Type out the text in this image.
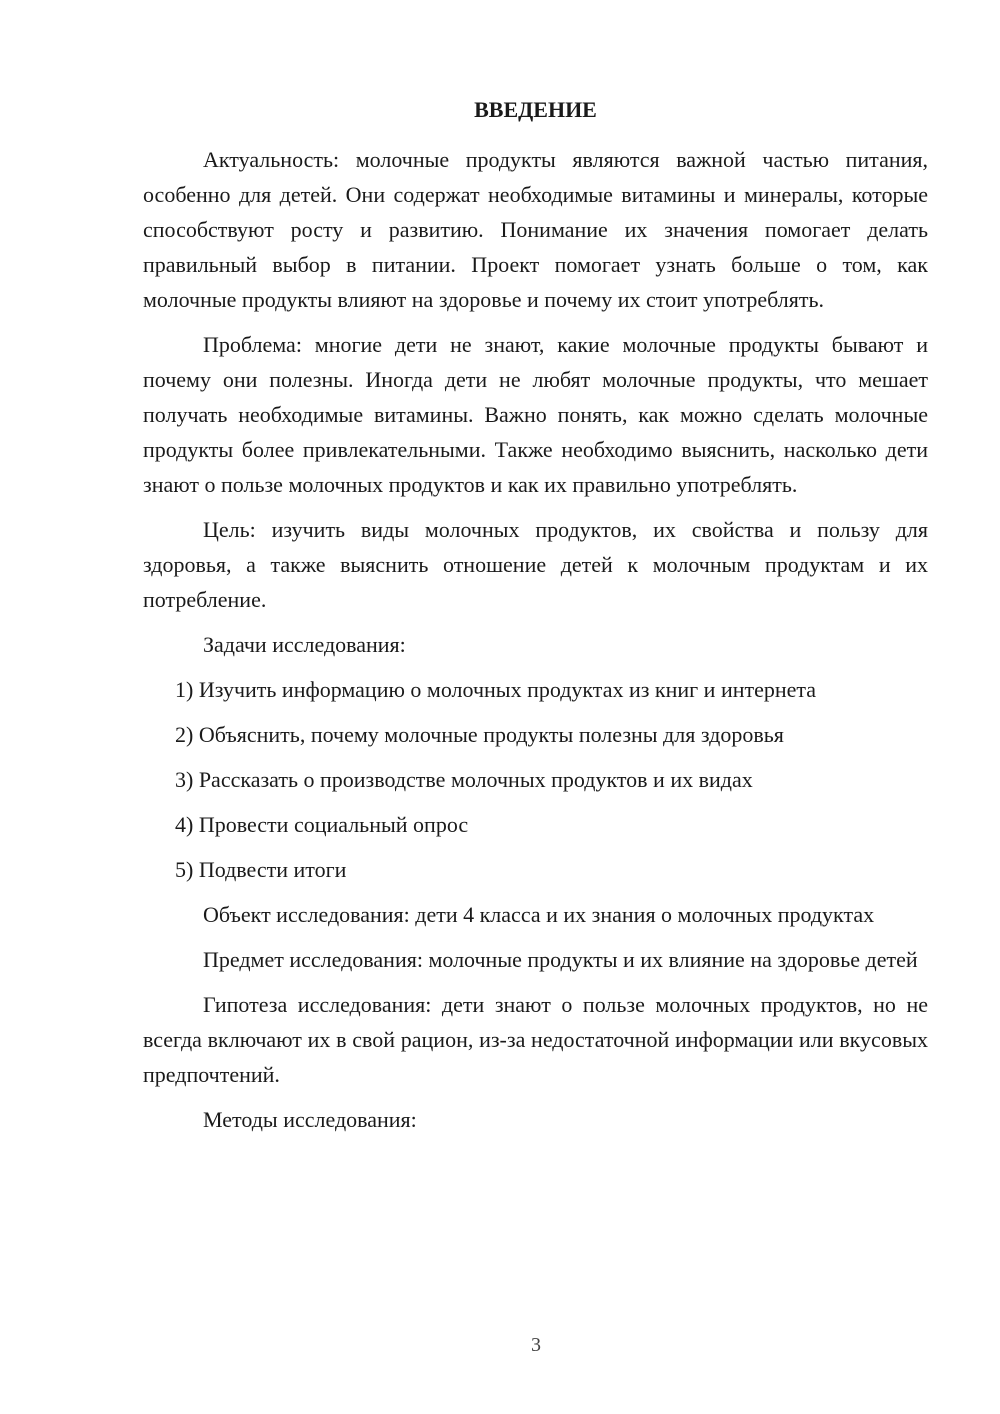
ВВЕДЕНИЕ

Актуальность: молочные продукты являются важной частью питания, особенно для детей. Они содержат необходимые витамины и минералы, которые способствуют росту и развитию. Понимание их значения помогает делать правильный выбор в питании. Проект помогает узнать больше о том, как молочные продукты влияют на здоровье и почему их стоит употреблять.

Проблема: многие дети не знают, какие молочные продукты бывают и почему они полезны. Иногда дети не любят молочные продукты, что мешает получать необходимые витамины. Важно понять, как можно сделать молочные продукты более привлекательными. Также необходимо выяснить, насколько дети знают о пользе молочных продуктов и как их правильно употреблять.

Цель: изучить виды молочных продуктов, их свойства и пользу для здоровья, а также выяснить отношение детей к молочным продуктам и их потребление.

Задачи исследования:

1) Изучить информацию о молочных продуктах из книг и интернета
2) Объяснить, почему молочные продукты полезны для здоровья
3) Рассказать о производстве молочных продуктов и их видах
4) Провести социальный опрос
5) Подвести итоги

Объект исследования: дети 4 класса и их знания о молочных продуктах

Предмет исследования: молочные продукты и их влияние на здоровье детей

Гипотеза исследования: дети знают о пользе молочных продуктов, но не всегда включают их в свой рацион, из-за недостаточной информации или вкусовых предпочтений.

Методы исследования:

3
